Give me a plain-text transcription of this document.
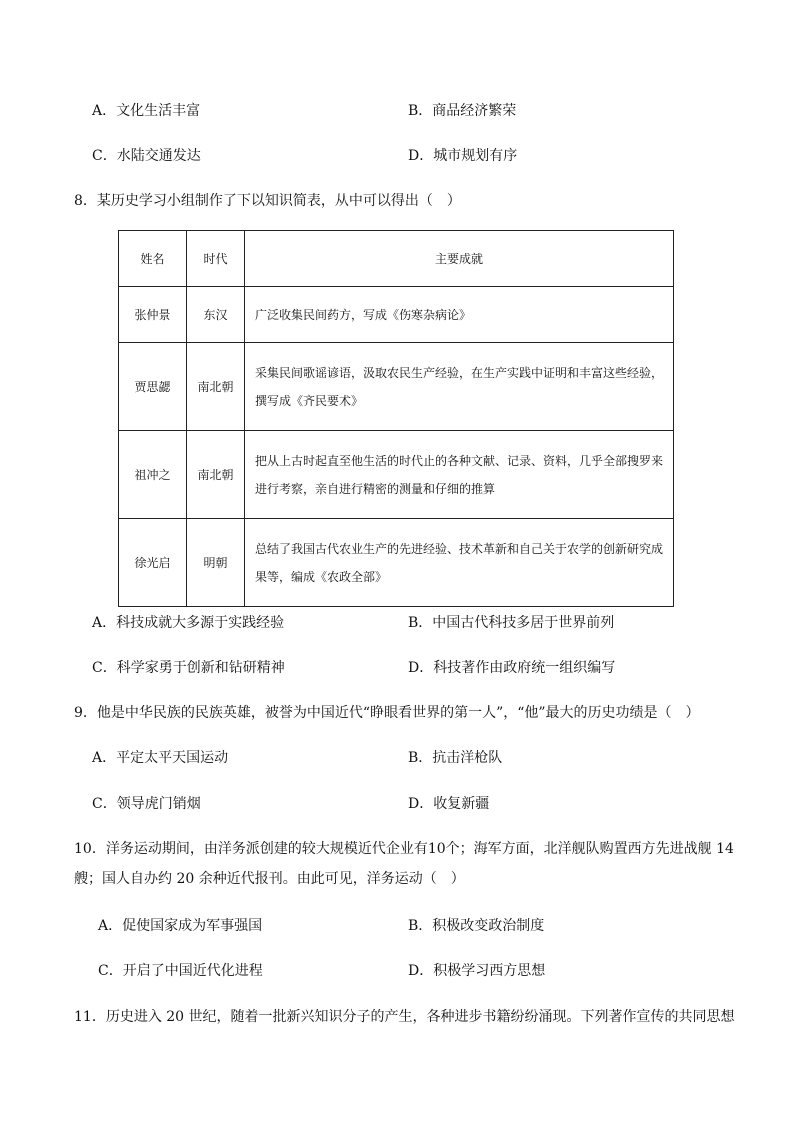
A．文化生活丰富	B．商品经济繁荣
C．水陆交通发达	D．城市规划有序
8．某历史学习小组制作了下以知识简表，从中可以得出（　）
姓名	时代	主要成就
张仲景	东汉	广泛收集民间药方，写成《伤寒杂病论》
贾思勰	南北朝	采集民间歌谣谚语，汲取农民生产经验，在生产实践中证明和丰富这些经验，撰写成《齐民要术》
祖冲之	南北朝	把从上古时起直至他生活的时代止的各种文献、记录、资料，几乎全部搜罗来进行考察，亲自进行精密的测量和仔细的推算
徐光启	明朝	总结了我国古代农业生产的先进经验、技术革新和自己关于农学的创新研究成果等，编成《农政全部》
A．科技成就大多源于实践经验	B．中国古代科技多居于世界前列
C．科学家勇于创新和钻研精神	D．科技著作由政府统一组织编写
9．他是中华民族的民族英雄，被誉为中国近代“睁眼看世界的第一人”，“他”最大的历史功绩是（　）
A．平定太平天国运动	B．抗击洋枪队
C．领导虎门销烟	D．收复新疆
10．洋务运动期间，由洋务派创建的较大规模近代企业有10个；海军方面，北洋舰队购置西方先进战舰 14
艘；国人自办约 20 余种近代报刊。由此可见，洋务运动（　）
A．促使国家成为军事强国	B．积极改变政治制度
C．开启了中国近代化进程	D．积极学习西方思想
11．历史进入 20 世纪，随着一批新兴知识分子的产生，各种进步书籍纷纷涌现。下列著作宣传的共同思想
